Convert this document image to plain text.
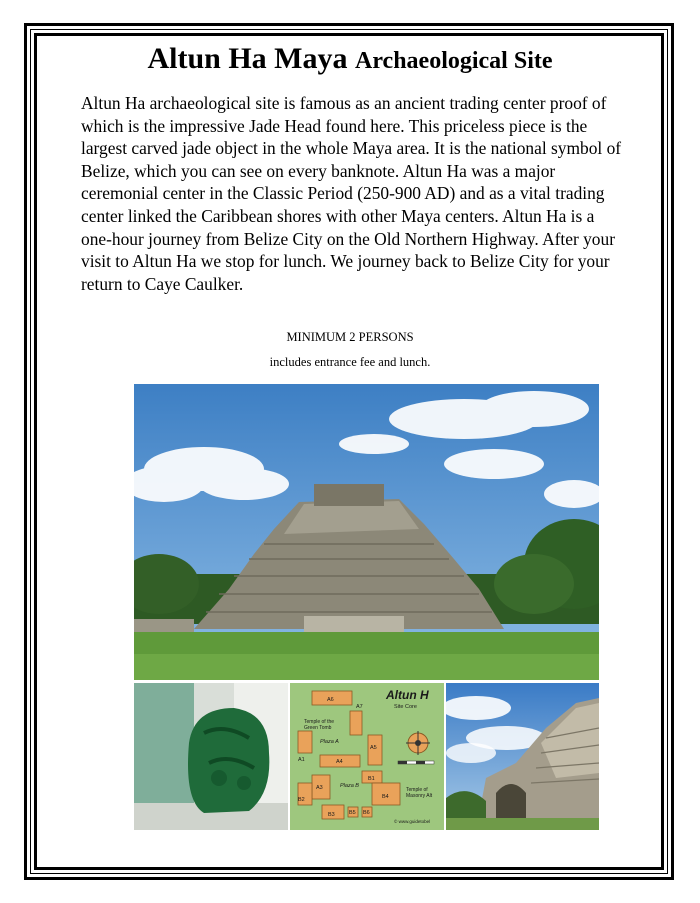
Altun Ha Maya Archaeological Site
Altun Ha archaeological site is famous as an ancient trading center proof of which is the impressive Jade Head found here. This priceless piece is the largest carved jade object in the whole Maya area. It is the national symbol of Belize, which you can see on every banknote. Altun Ha was a major ceremonial center in the Classic Period (250-900 AD) and as a vital trading center linked the Caribbean shores with other Maya centers. Altun Ha is a one-hour journey from Belize City on the Old Northern Highway. After your visit to Altun Ha we stop for lunch. We journey back to Belize City for your return to Caye Caulker.
MINIMUM 2 PERSONS
includes entrance fee and lunch.
A6
A7
A5
A4
A3
A1
B1
B2
B3
B4
B5 B6
Temple of the
Green Tomb
Plaza A
Plaza B
Temple of
Masonry Alt
© www.guidetobel
Altun H
Site Core
